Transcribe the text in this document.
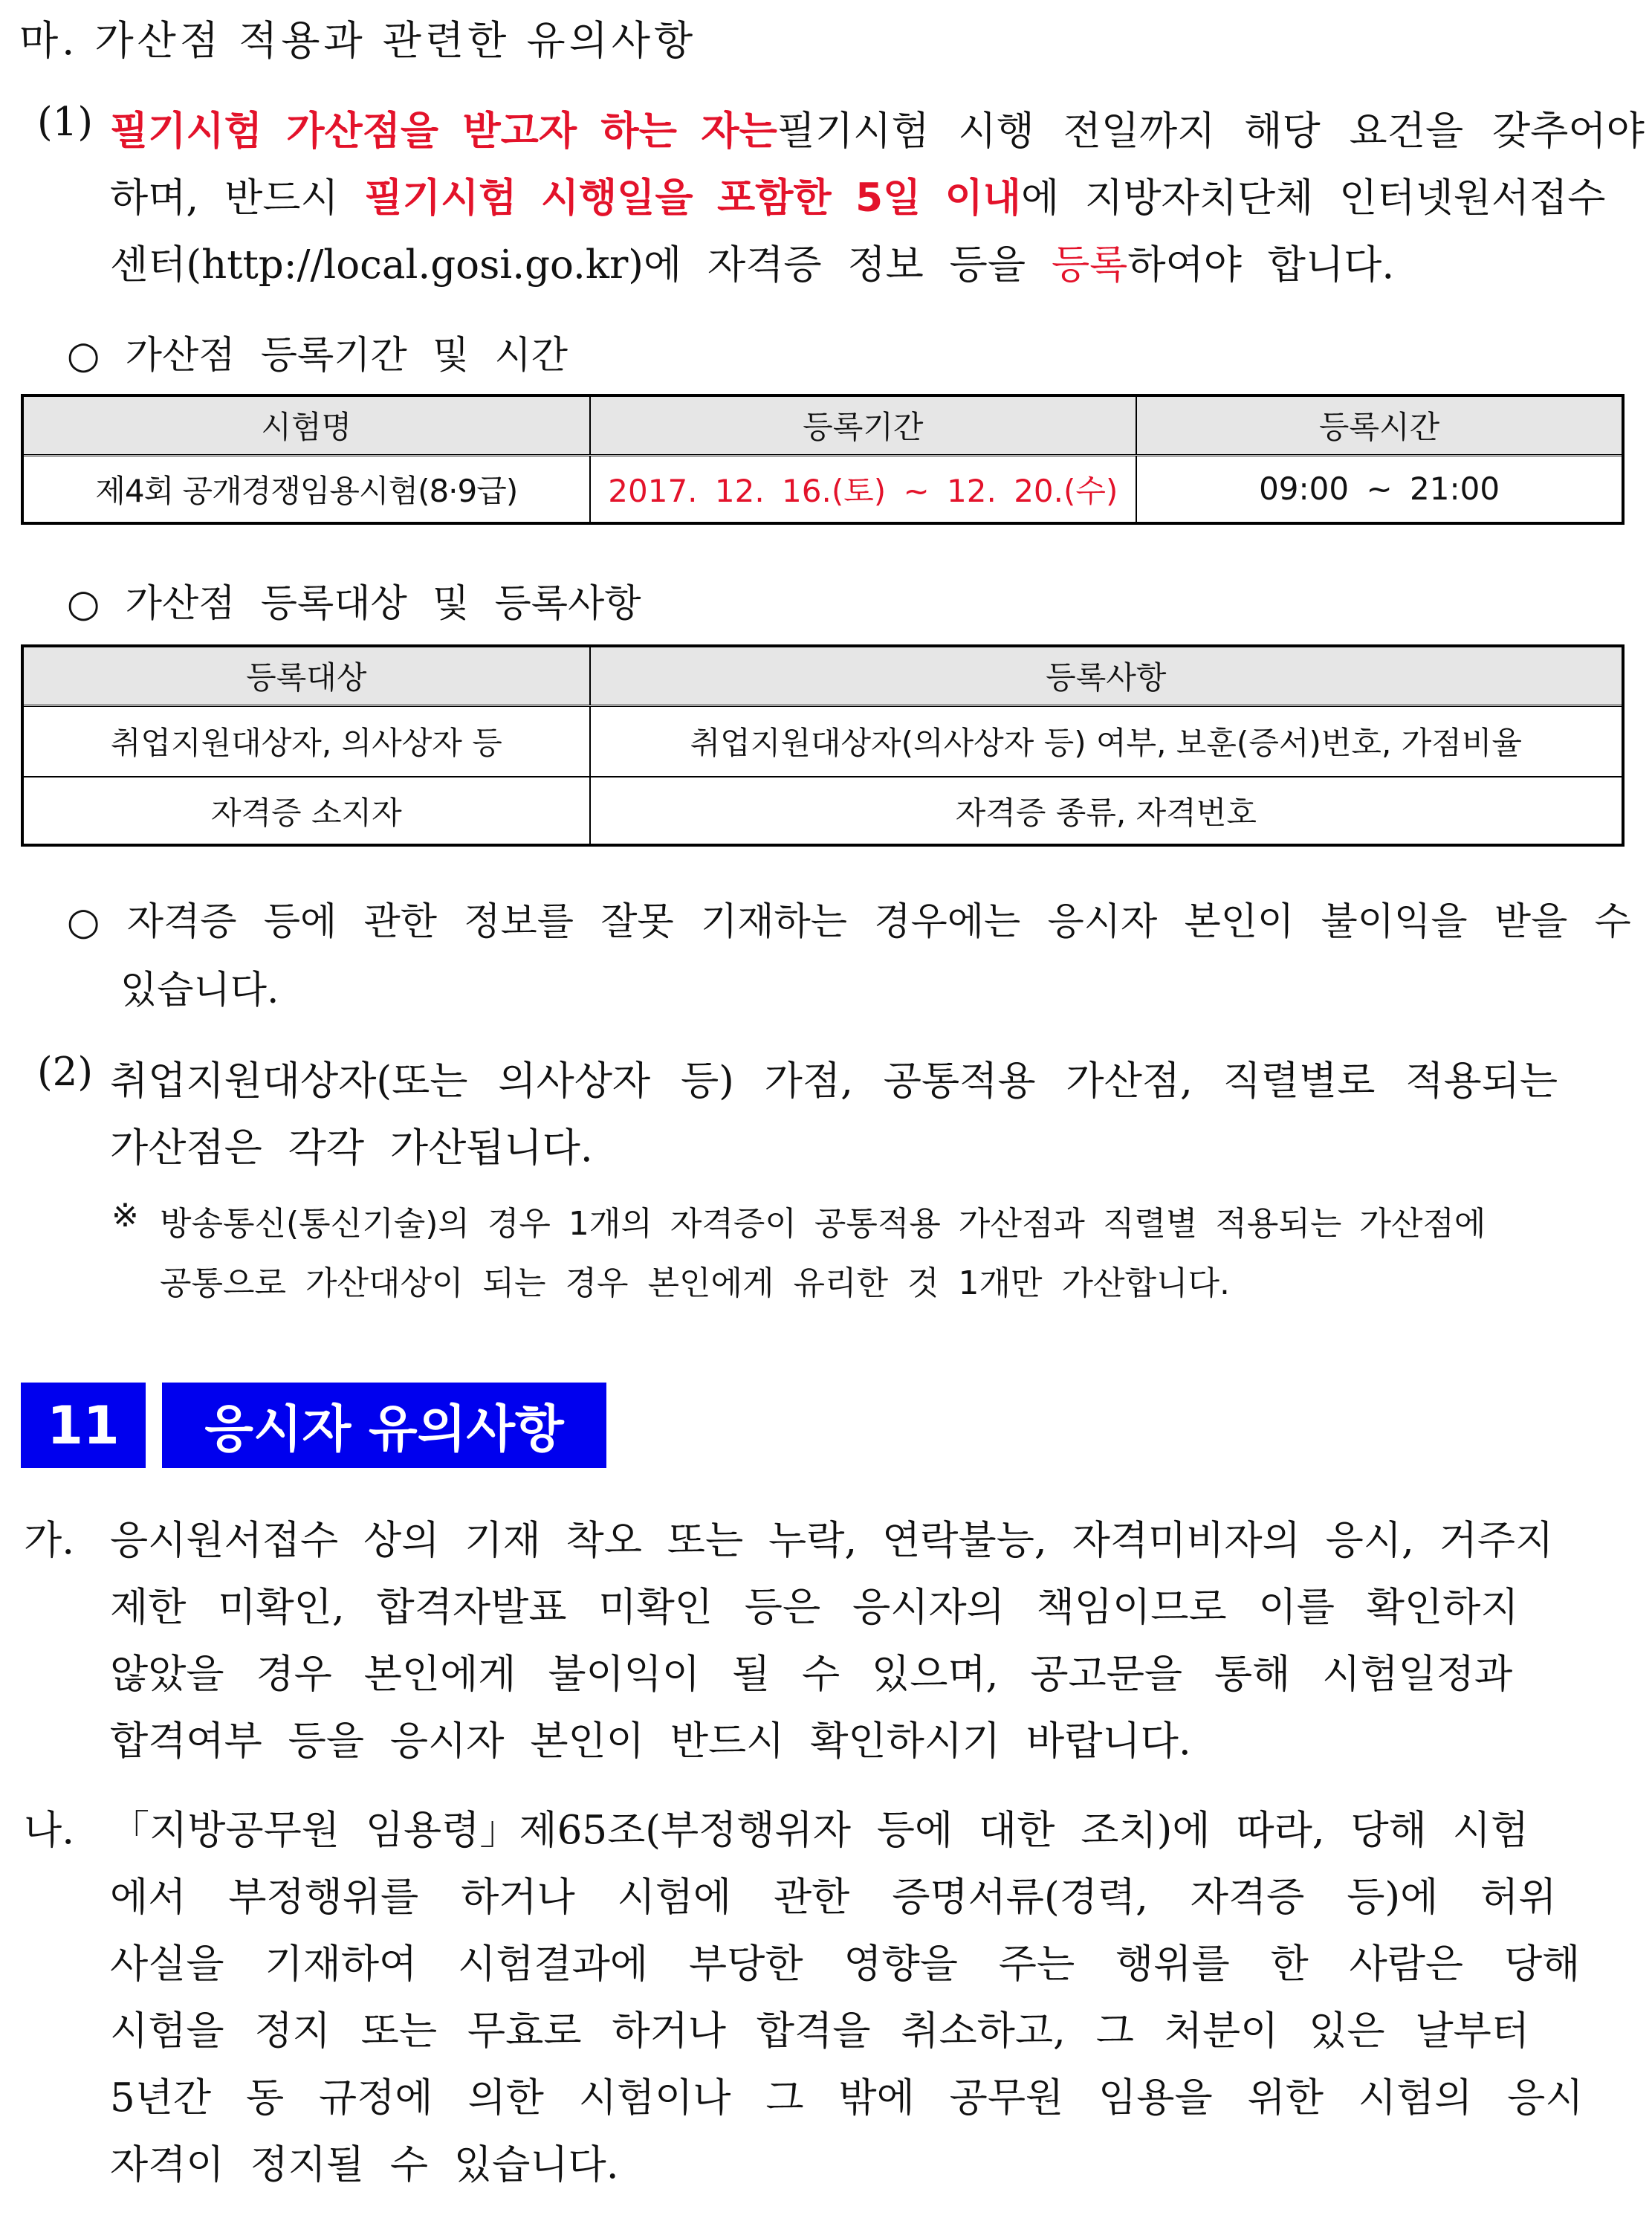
마. 가산점 적용과 관련한 유의사항
(1) 필기시험 가산점을 받고자 하는 자는 필기시험 시행 전일까지 해당 요건을 갖추어야
하며, 반드시 필기시험 시행일을 포함한 5일 이내에 지방자치단체 인터넷원서접수
센터(http://local.gosi.go.kr)에 자격증 정보 등을 등록하여야 합니다.
○ 가산점 등록기간 및 시간
시험명	등록기간	등록시간
제4회 공개경쟁임용시험(8·9급)	2017. 12. 16.(토) ~ 12. 20.(수)	09:00 ~ 21:00
○ 가산점 등록대상 및 등록사항
등록대상	등록사항
취업지원대상자, 의사상자 등	취업지원대상자(의사상자 등) 여부, 보훈(증서)번호, 가점비율
자격증 소지자	자격증 종류, 자격번호
○ 자격증 등에 관한 정보를 잘못 기재하는 경우에는 응시자 본인이 불이익을 받을 수
있습니다.
(2) 취업지원대상자(또는 의사상자 등) 가점, 공통적용 가산점, 직렬별로 적용되는
가산점은 각각 가산됩니다.
※ 방송통신(통신기술)의 경우 1개의 자격증이 공통적용 가산점과 직렬별 적용되는 가산점에
공통으로 가산대상이 되는 경우 본인에게 유리한 것 1개만 가산합니다.
11	응시자 유의사항
가. 응시원서접수 상의 기재 착오 또는 누락, 연락불능, 자격미비자의 응시, 거주지
제한 미확인, 합격자발표 미확인 등은 응시자의 책임이므로 이를 확인하지
않았을 경우 본인에게 불이익이 될 수 있으며, 공고문을 통해 시험일정과
합격여부 등을 응시자 본인이 반드시 확인하시기 바랍니다.
나. 「지방공무원 임용령」제65조(부정행위자 등에 대한 조치)에 따라, 당해 시험
에서 부정행위를 하거나 시험에 관한 증명서류(경력, 자격증 등)에 허위
사실을 기재하여 시험결과에 부당한 영향을 주는 행위를 한 사람은 당해
시험을 정지 또는 무효로 하거나 합격을 취소하고, 그 처분이 있은 날부터
5년간 동 규정에 의한 시험이나 그 밖에 공무원 임용을 위한 시험의 응시
자격이 정지될 수 있습니다.
